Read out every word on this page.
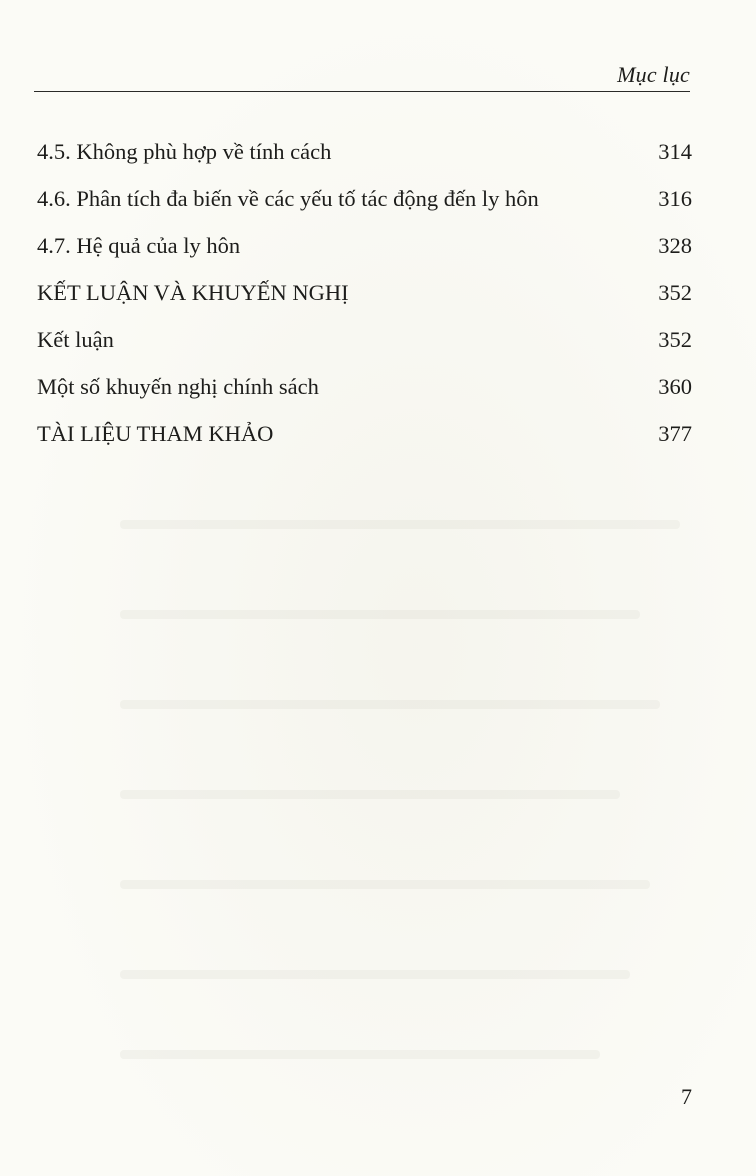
Mục lục
4.5. Không phù hợp về tính cách	314
4.6. Phân tích đa biến về các yếu tố tác động đến ly hôn	316
4.7. Hệ quả của ly hôn	328
KẾT LUẬN VÀ KHUYẾN NGHỊ	352
Kết luận	352
Một số khuyến nghị chính sách	360
TÀI LIỆU THAM KHẢO	377
7
